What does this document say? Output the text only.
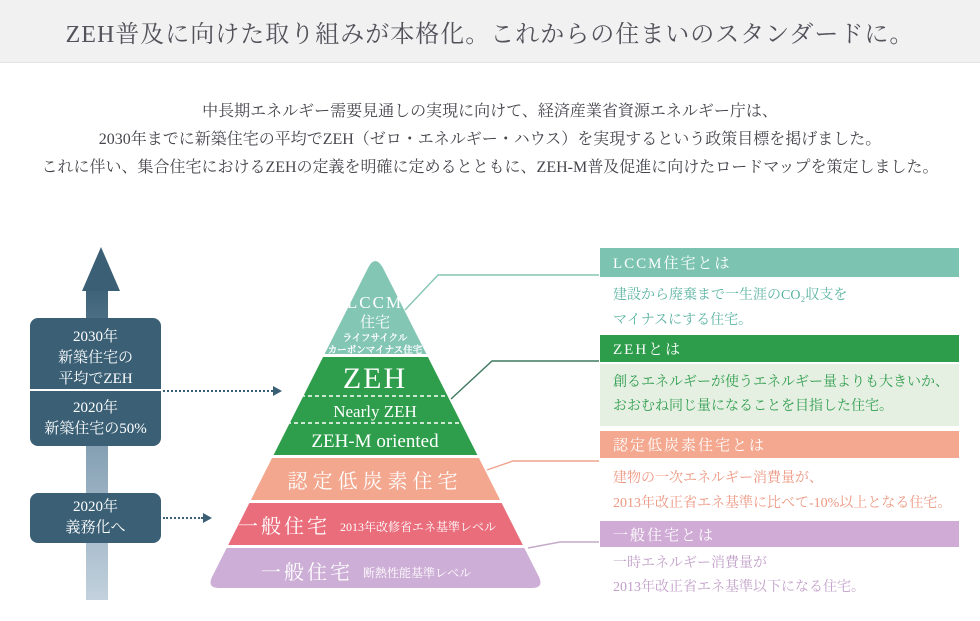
ZEH普及に向けた取り組みが本格化。これからの住まいのスタンダードに。
中長期エネルギー需要見通しの実現に向けて、経済産業省資源エネルギー庁は、
2030年までに新築住宅の平均でZEH（ゼロ・エネルギー・ハウス）を実現するという政策目標を掲げました。
これに伴い、集合住宅におけるZEHの定義を明確に定めるとともに、ZEH-M普及促進に向けたロードマップを策定しました。
2030年
新築住宅の
平均でZEH
2020年
新築住宅の50%
2020年
義務化へ
LCCM
住宅
ライフサイクル
カーボンマイナス住宅
ZEH
Nearly ZEH
ZEH-M oriented
認定低炭素住宅
一般住宅 2013年改修省エネ基準レベル
一般住宅 断熱性能基準レベル
LCCM住宅とは
建設から廃棄まで一生涯のCO₂収支を
マイナスにする住宅。
ZEHとは
創るエネルギーが使うエネルギー量よりも大きいか、
おおむね同じ量になることを目指した住宅。
認定低炭素住宅とは
建物の一次エネルギー消費量が、
2013年改正省エネ基準に比べて-10%以上となる住宅。
一般住宅とは
一時エネルギー消費量が
2013年改正省エネ基準以下になる住宅。
